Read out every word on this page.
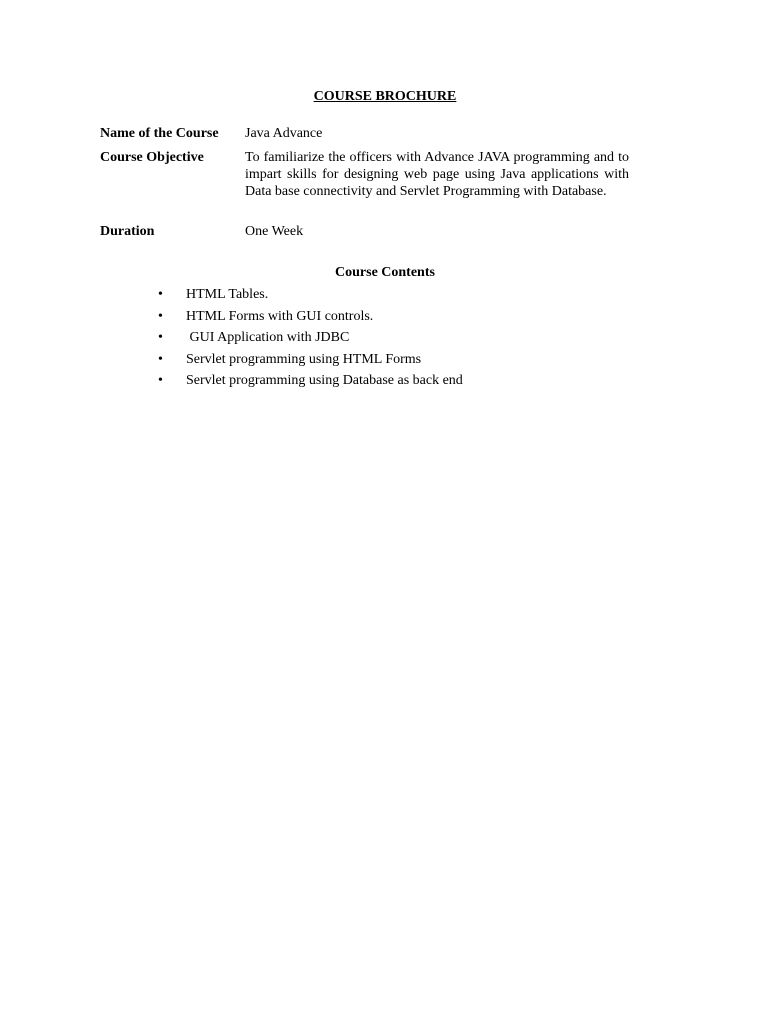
COURSE BROCHURE
Name of the Course Java Advance
Course Objective	To familiarize the officers with Advance JAVA programming and to impart skills for designing web page using Java applications with Data base connectivity and Servlet Programming with Database.
Duration	One Week
Course Contents
• HTML Tables.
• HTML Forms with GUI controls.
• GUI Application with JDBC
• Servlet programming using HTML Forms
• Servlet programming using Database as back end
